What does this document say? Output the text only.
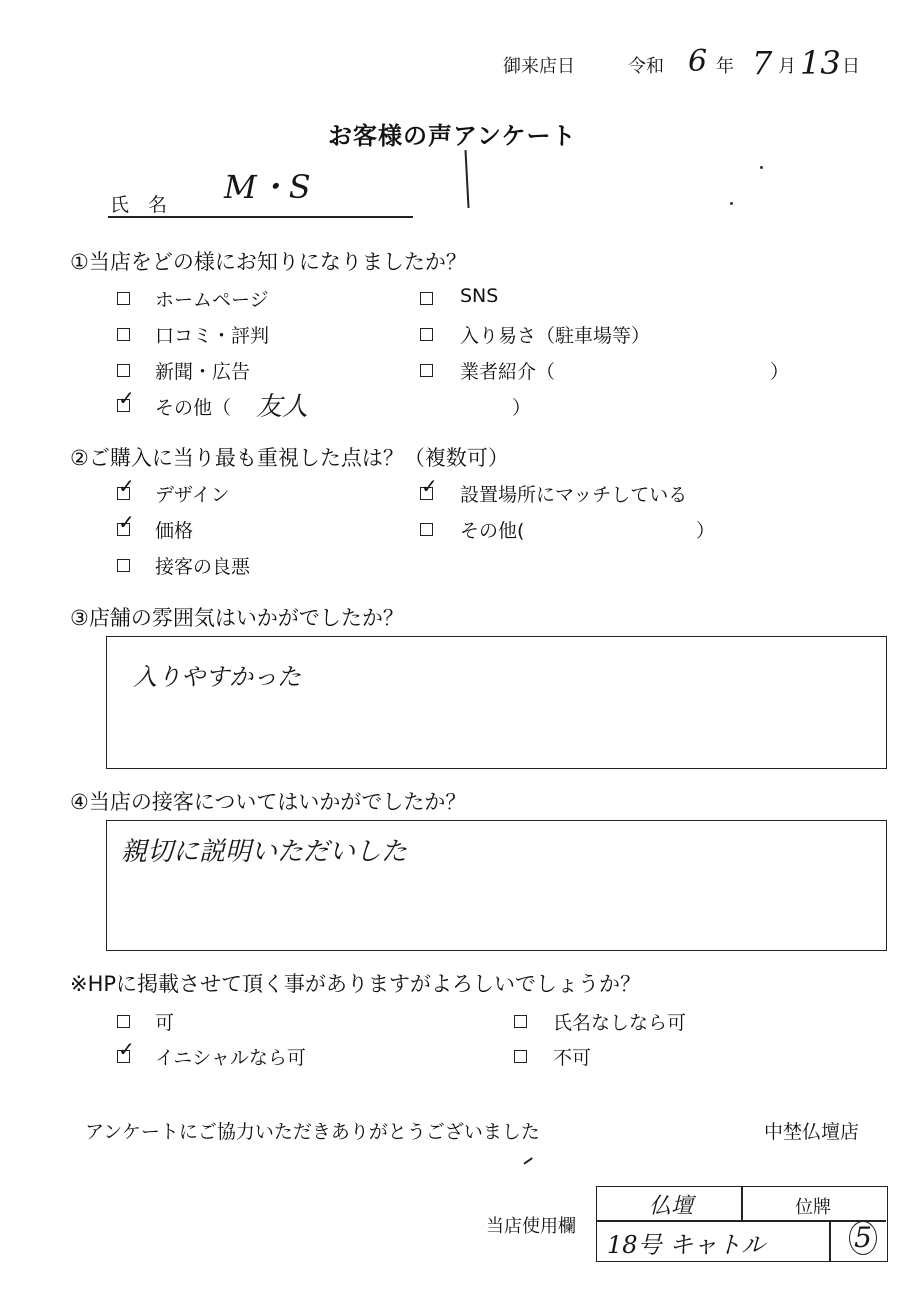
御来店日	令和 6 年 7 月 13 日
お客様の声アンケート
氏　名 M・S
①当店をどの様にお知りになりましたか？
ホームページ	SNS
口コミ・評判	入り易さ（駐車場等）
新聞・広告	業者紹介（	）
✓ その他（ 友人	）
②ご購入に当り最も重視した点は？（複数可）
✓ デザイン	✓ 設置場所にマッチしている
✓ 価格	その他(	）
接客の良悪
③店舗の雰囲気はいかがでしたか？
入りやすかった
④当店の接客についてはいかがでしたか？
親切に説明いただいした
※HPに掲載させて頂く事がありますがよろしいでしょうか？
可	氏名なしなら可
✓ イニシャルなら可	不可
アンケートにご協力いただきありがとうございました	中埜仏壇店
当店使用欄
仏壇	位牌
18号 キャトル	5
